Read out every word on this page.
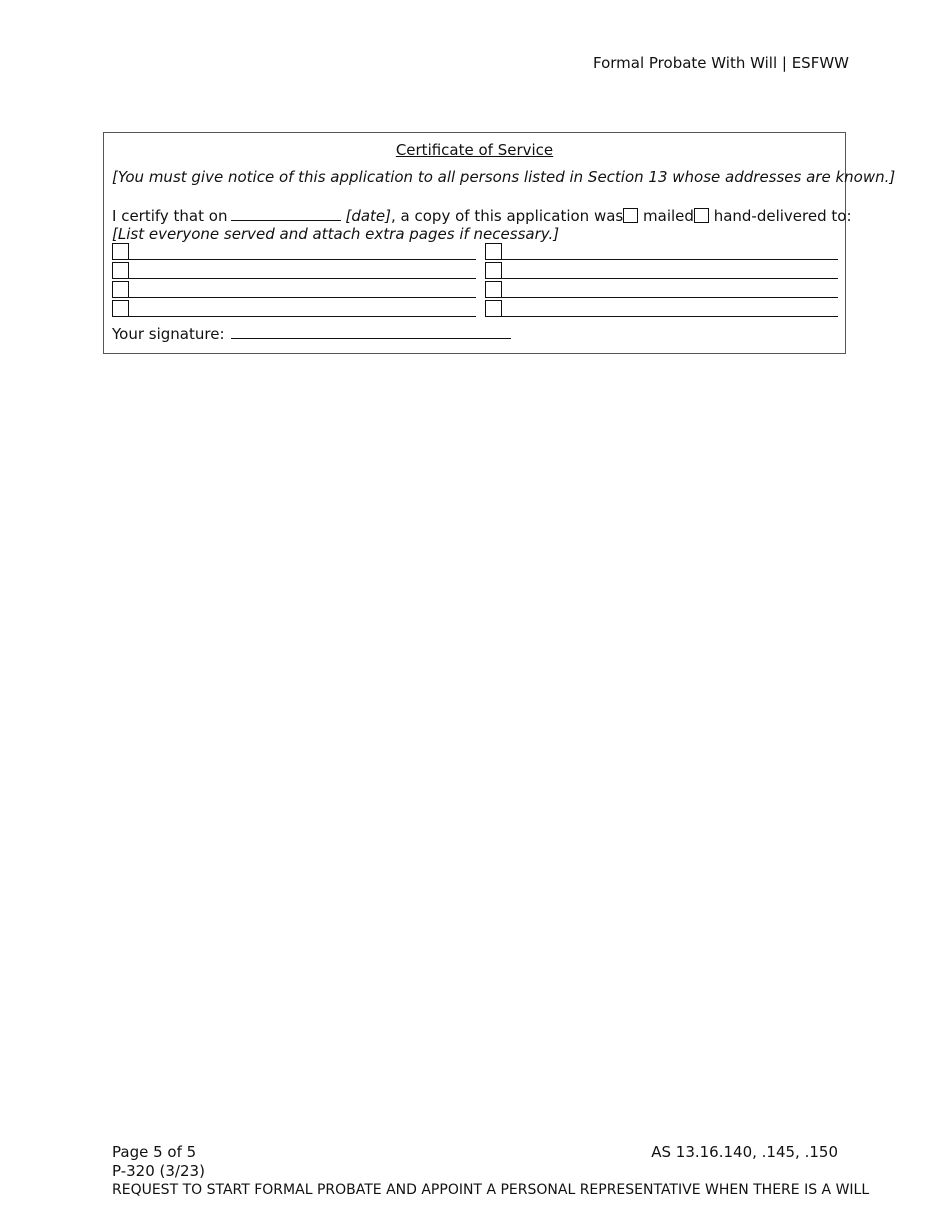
Formal Probate With Will | ESFWW
Certificate of Service
[You must give notice of this application to all persons listed in Section 13 whose addresses are known.]
I certify that on	[date], a copy of this application was	mailed	hand-delivered to:
[List everyone served and attach extra pages if necessary.]
Your signature:
Page 5 of 5
P-320 (3/23)
REQUEST TO START FORMAL PROBATE AND APPOINT A PERSONAL REPRESENTATIVE WHEN THERE IS A WILL
AS 13.16.140, .145, .150
